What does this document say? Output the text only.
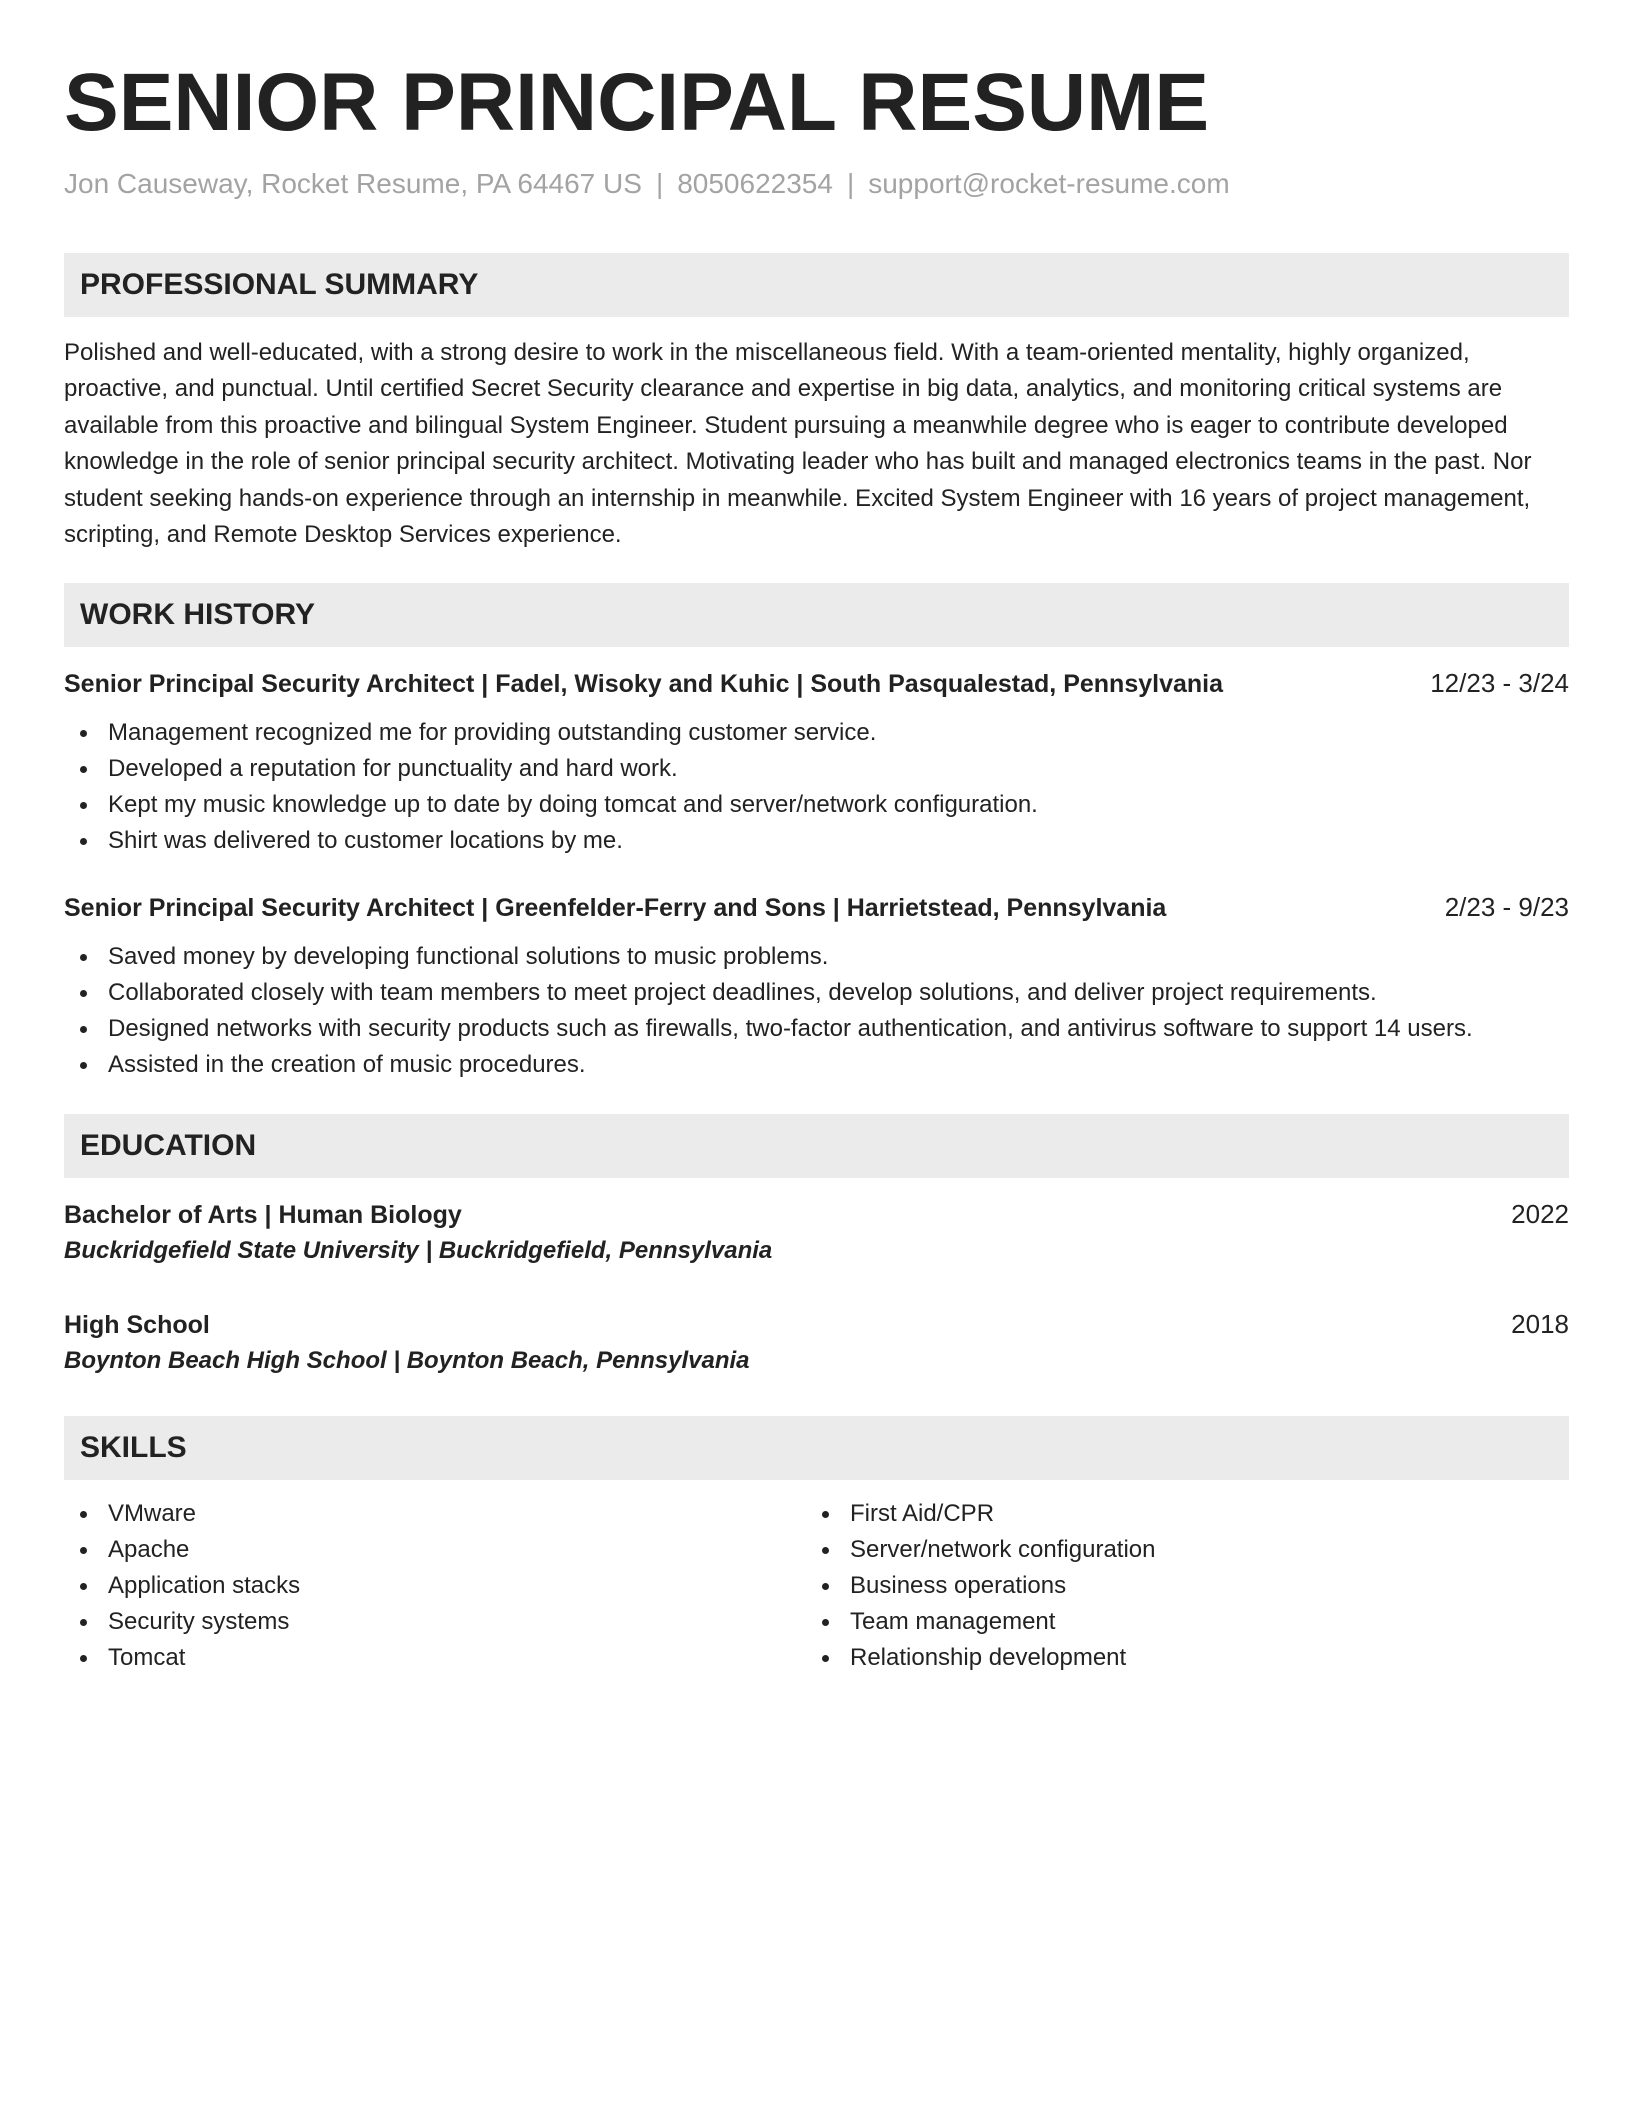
SENIOR PRINCIPAL RESUME
Jon Causeway, Rocket Resume, PA 64467 US | 8050622354 | support@rocket-resume.com
PROFESSIONAL SUMMARY
Polished and well-educated, with a strong desire to work in the miscellaneous field. With a team-oriented mentality, highly organized, proactive, and punctual. Until certified Secret Security clearance and expertise in big data, analytics, and monitoring critical systems are available from this proactive and bilingual System Engineer. Student pursuing a meanwhile degree who is eager to contribute developed knowledge in the role of senior principal security architect. Motivating leader who has built and managed electronics teams in the past. Nor student seeking hands-on experience through an internship in meanwhile. Excited System Engineer with 16 years of project management, scripting, and Remote Desktop Services experience.
WORK HISTORY
Senior Principal Security Architect | Fadel, Wisoky and Kuhic | South Pasqualestad, Pennsylvania	12/23 - 3/24
Management recognized me for providing outstanding customer service.
Developed a reputation for punctuality and hard work.
Kept my music knowledge up to date by doing tomcat and server/network configuration.
Shirt was delivered to customer locations by me.
Senior Principal Security Architect | Greenfelder-Ferry and Sons | Harrietstead, Pennsylvania	2/23 - 9/23
Saved money by developing functional solutions to music problems.
Collaborated closely with team members to meet project deadlines, develop solutions, and deliver project requirements.
Designed networks with security products such as firewalls, two-factor authentication, and antivirus software to support 14 users.
Assisted in the creation of music procedures.
EDUCATION
Bachelor of Arts | Human Biology	2022
Buckridgefield State University | Buckridgefield, Pennsylvania
High School	2018
Boynton Beach High School | Boynton Beach, Pennsylvania
SKILLS
VMware
Apache
Application stacks
Security systems
Tomcat
First Aid/CPR
Server/network configuration
Business operations
Team management
Relationship development
